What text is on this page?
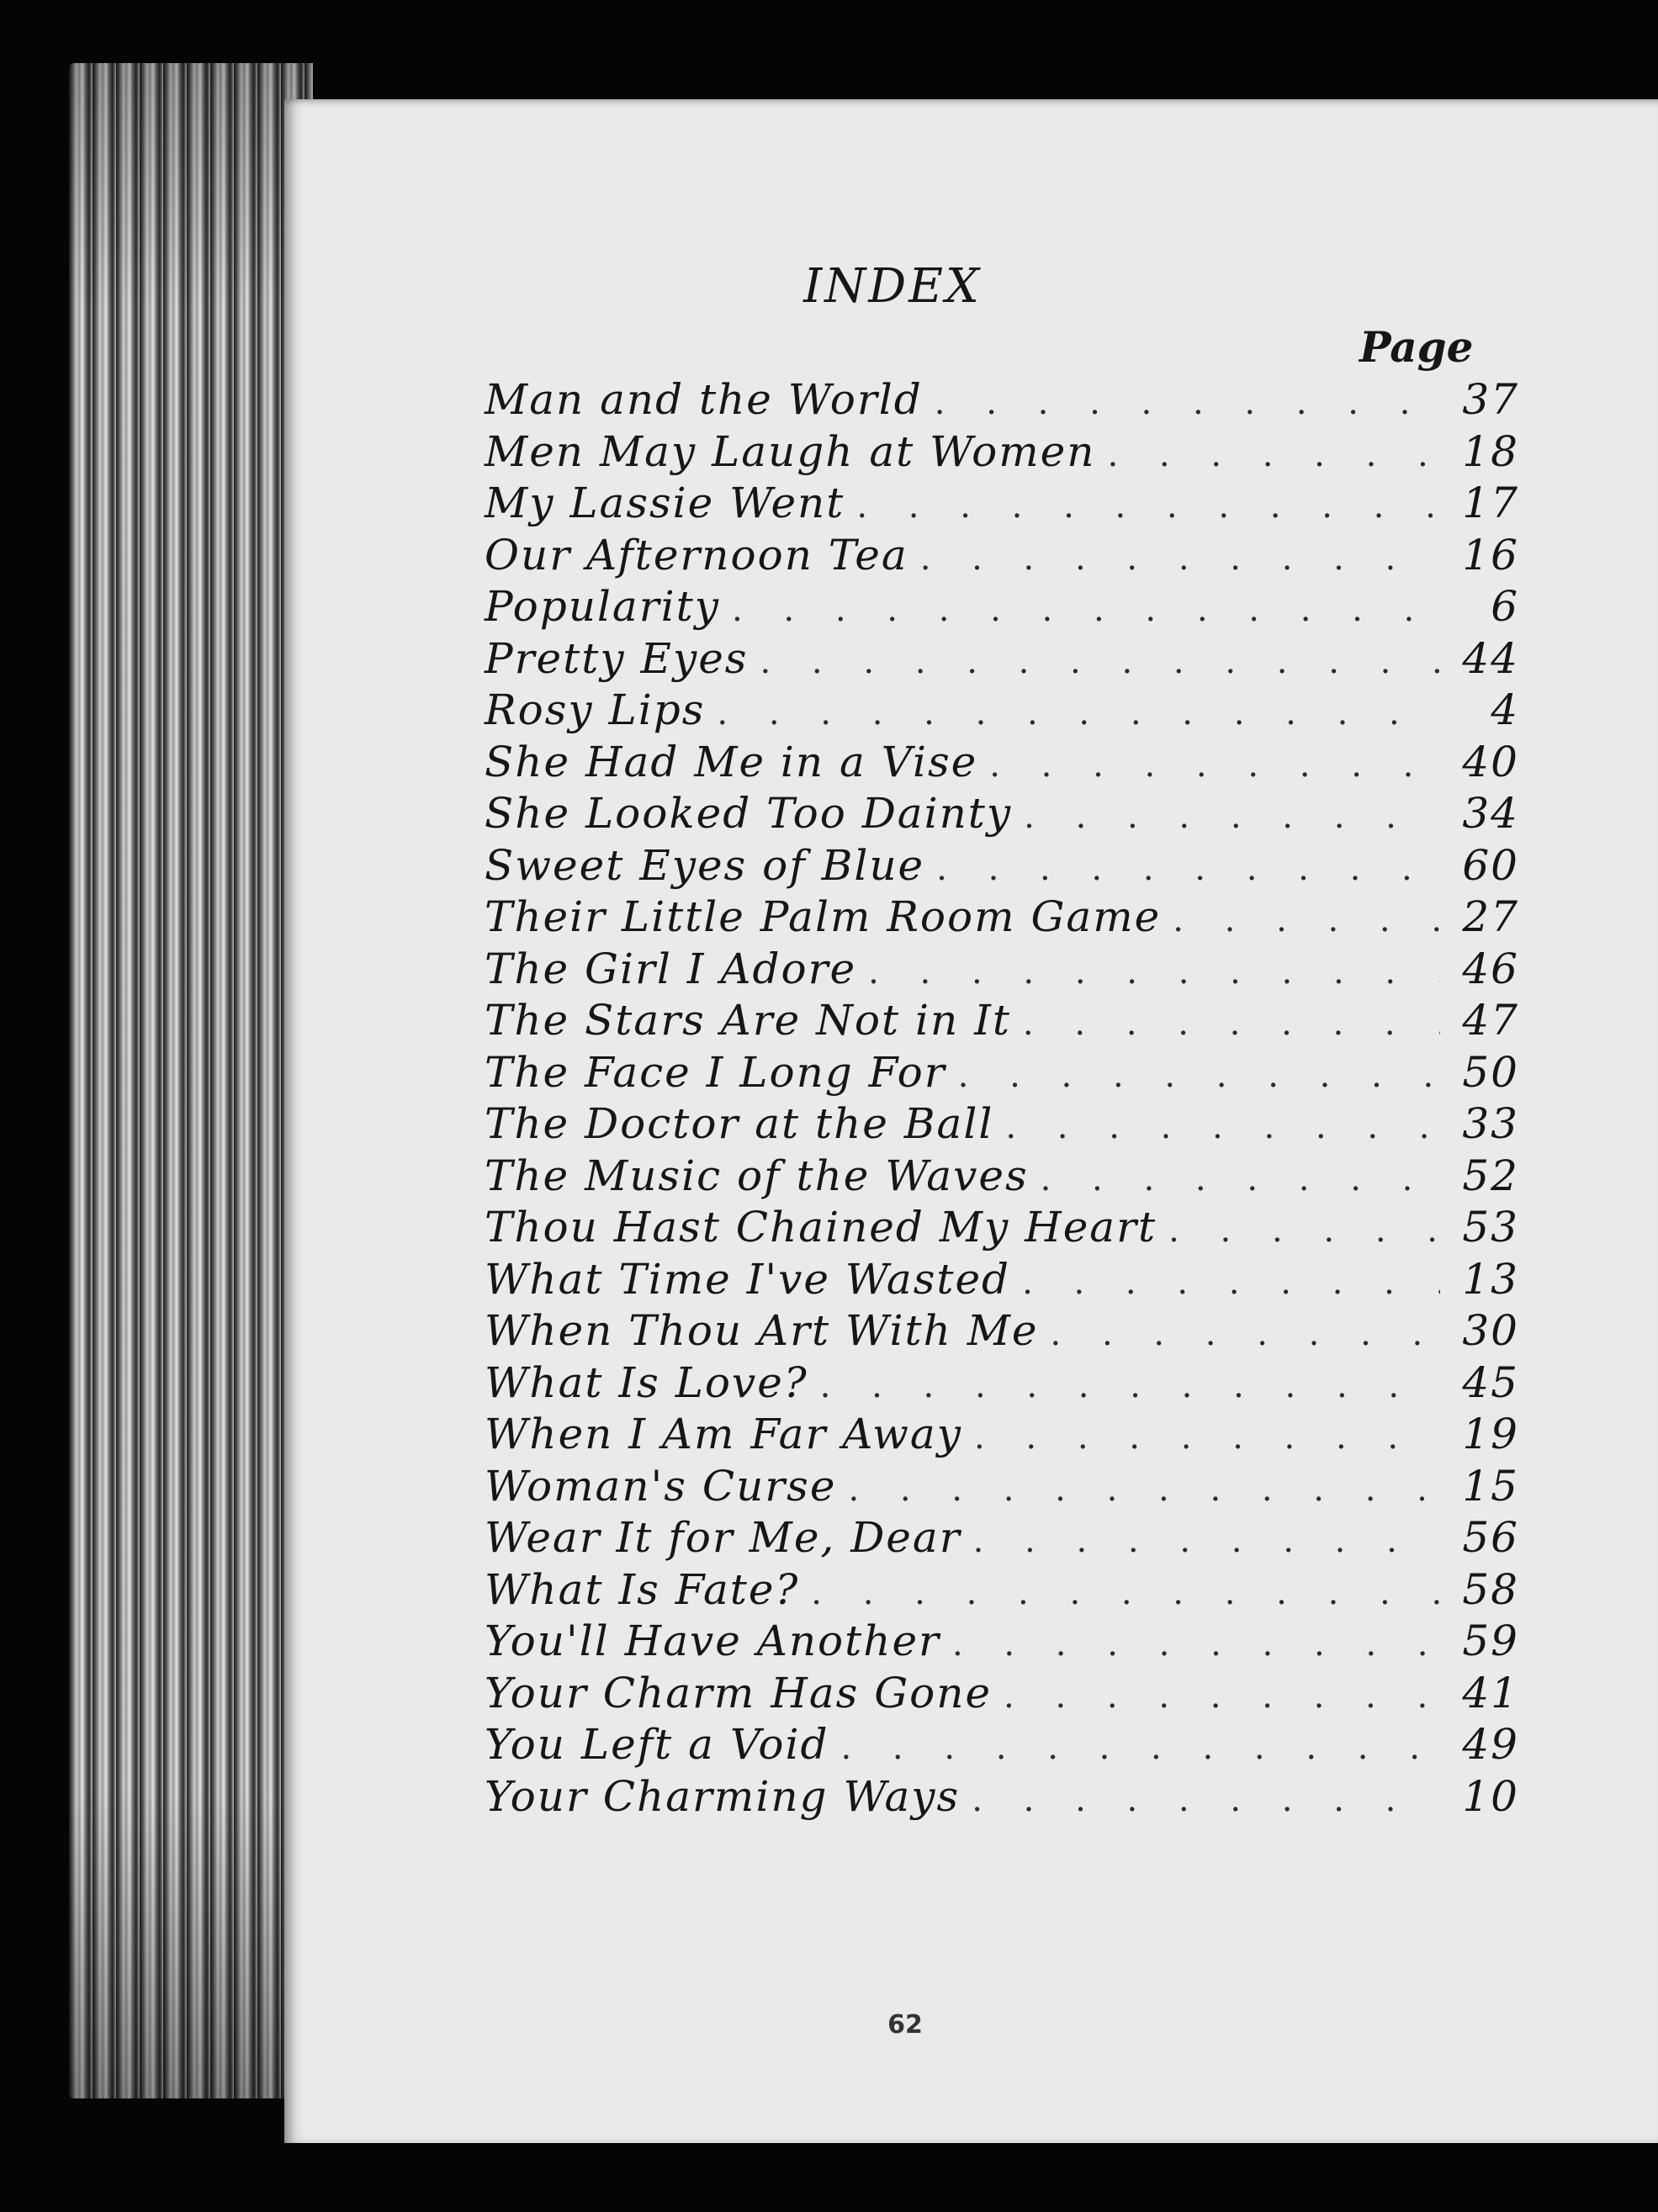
INDEX
Page
Man and the World . . .	37
Men May Laugh at Women . . .	18
My Lassie Went . . .	17
Our Afternoon Tea . . .	16
Popularity . . .	6
Pretty Eyes . . .	44
Rosy Lips . . .	4
She Had Me in a Vise . . .	40
She Looked Too Dainty . . .	34
Sweet Eyes of Blue . . .	60
Their Little Palm Room Game . . .	27
The Girl I Adore . . .	46
The Stars Are Not in It . . .	47
The Face I Long For . . .	50
The Doctor at the Ball . . .	33
The Music of the Waves . . .	52
Thou Hast Chained My Heart . . .	53
What Time I've Wasted . . .	13
When Thou Art With Me . . .	30
What Is Love? . . .	45
When I Am Far Away . . .	19
Woman's Curse . . .	15
Wear It for Me, Dear . . .	56
What Is Fate? . . .	58
You'll Have Another . . .	59
Your Charm Has Gone . . .	41
You Left a Void . . .	49
Your Charming Ways . . .	10
62
